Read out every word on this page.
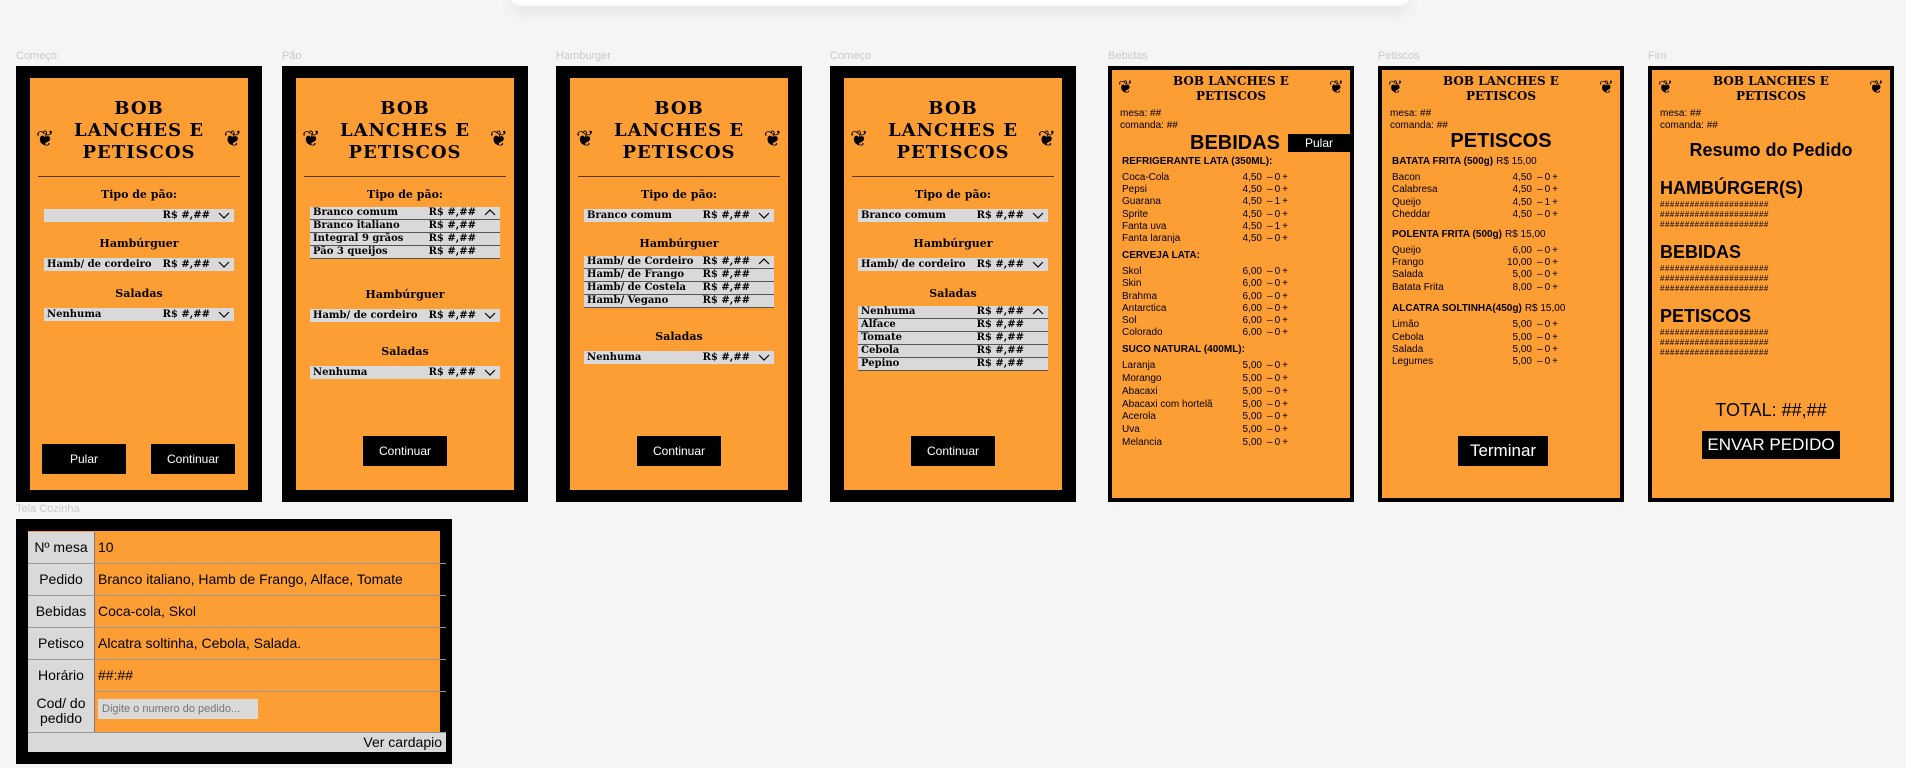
Começo	Pão	Hamburger	Começo	Bebidas	Petiscos	Fim
Tela Cozinha
❦
BOB
LANCHES E
PETISCOS
❦
Tipo de pão:
R$ #,##
Hambúrguer
Hamb/ de cordeiro R$ #,##
Saladas
Nenhuma	R$ #,##
Pular	Continuar
❦
BOB
LANCHES E
PETISCOS
❦
Tipo de pão:
Branco comum	R$ #,##
Branco italiano	R$ #,##
Integral 9 grãos	R$ #,##
Pão 3 queijos	R$ #,##
Hambúrguer
Hamb/ de cordeiro R$ #,##
Saladas
Nenhuma	R$ #,##
Continuar
❦
BOB
LANCHES E
PETISCOS
❦
Tipo de pão:
Branco comum	R$ #,##
Hambúrguer
Hamb/ de Cordeiro R$ #,##
Hamb/ de Frango R$ #,##
Hamb/ de Costela R$ #,##
Hamb/ Vegano	R$ #,##
Saladas
Nenhuma	R$ #,##
Continuar
❦
BOB
LANCHES E
PETISCOS
❦
Tipo de pão:
Branco comum	R$ #,##
Hambúrguer
Hamb/ de cordeiro R$ #,##
Saladas
Nenhuma	R$ #,##
Alface	R$ #,##
Tomate	R$ #,##
Cebola	R$ #,##
Pepino	R$ #,##
Continuar
❦	BOB LANCHES E
PETISCOS	❦
mesa: ##
comanda: ##
BEBIDAS	Pular
REFRIGERANTE LATA (350ML):
Coca-Cola	4,50 – 0 +
Pepsi	4,50 – 0 +
Guarana	4,50 – 1 +
Sprite	4,50 – 0 +
Fanta uva	4,50 – 1 +
Fanta laranja	4,50 – 0 +
CERVEJA LATA:
Skol	6,00 – 0 +
Skin	6,00 – 0 +
Brahma	6,00 – 0 +
Antarctica	6,00 – 0 +
Sol	6,00 – 0 +
Colorado	6,00 – 0 +
SUCO NATURAL (400ML):
Laranja	5,00 – 0 +
Morango	5,00 – 0 +
Abacaxi	5,00 – 0 +
Abacaxi com hortelã	5,00 – 0 +
Acerola	5,00 – 0 +
Uva	5,00 – 0 +
Melancia	5,00 – 0 +
❦	BOB LANCHES E
PETISCOS	❦
mesa: ##
comanda: ##
PETISCOS
BATATA FRITA (500g) R$ 15,00
Bacon	4,50 – 0 +
Calabresa	4,50 – 0 +
Queijo	4,50 – 1 +
Cheddar	4,50 – 0 +
POLENTA FRITA (500g) R$ 15,00
Queijo	6,00 – 0 +
Frango	10,00 – 0 +
Salada	5,00 – 0 +
Batata Frita	8,00 – 0 +
ALCATRA SOLTINHA(450g) R$ 15,00
Limão	5,00 – 0 +
Cebola	5,00 – 0 +
Salada	5,00 – 0 +
Legumes	5,00 – 0 +
Terminar
❦	BOB LANCHES E
PETISCOS	❦
mesa: ##
comanda: ##
Resumo do Pedido
HAMBÚRGER(S)
######################
######################
######################
BEBIDAS
######################
######################
######################
PETISCOS
######################
######################
######################
TOTAL: ##,##
ENVAR PEDIDO
Nº mesa 10
Pedido	Branco italiano, Hamb de Frango, Alface, Tomate
Bebidas Coca-cola, Skol
Petisco	Alcatra soltinha, Cebola, Salada.
Horário	##:##
Cod/ do pedido
Digite o numero do pedido...
Ver cardapio
